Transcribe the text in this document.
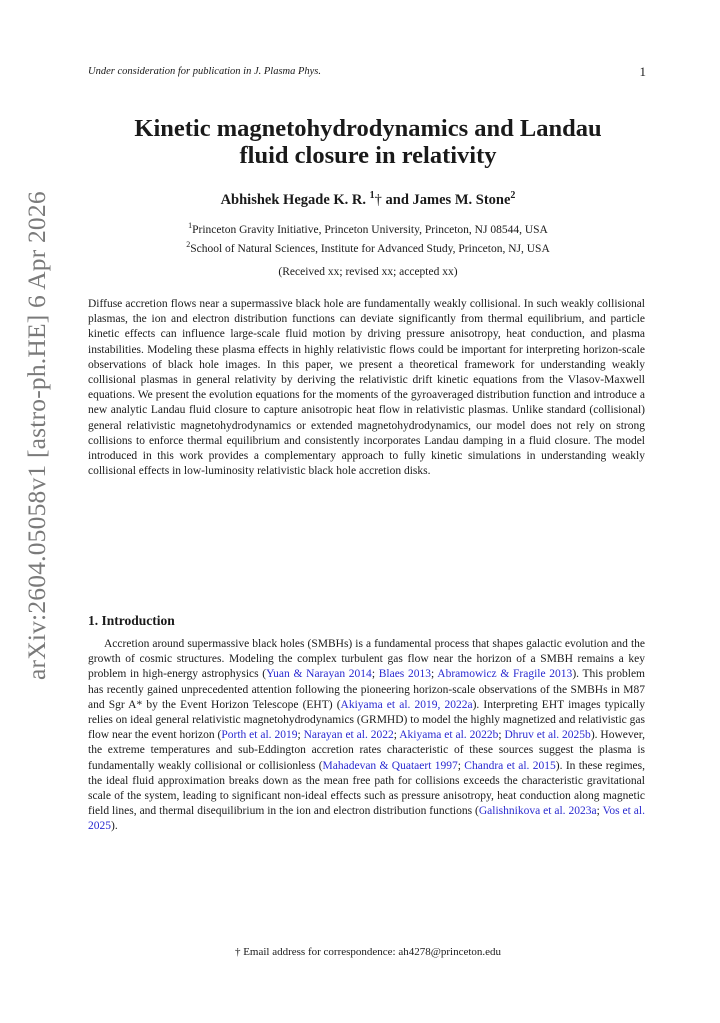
Under consideration for publication in J. Plasma Phys.	1
arXiv:2604.05058v1 [astro-ph.HE] 6 Apr 2026
Kinetic magnetohydrodynamics and Landau
fluid closure in relativity
Abhishek Hegade K. R. $^1$† and James M. Stone$^2$
$^1$Princeton Gravity Initiative, Princeton University, Princeton, NJ 08544, USA
$^2$School of Natural Sciences, Institute for Advanced Study, Princeton, NJ, USA
(Received xx; revised xx; accepted xx)

Diffuse accretion flows near a supermassive black hole are fundamentally weakly collisional. In such weakly collisional plasmas, the ion and electron distribution functions can deviate significantly from thermal equilibrium, and particle kinetic effects can influence large-scale fluid motion by driving pressure anisotropy, heat conduction, and plasma instabilities. Modeling these plasma effects in highly relativistic flows could be important for interpreting horizon-scale observations of black hole images. In this paper, we present a theoretical framework for understanding weakly collisional plasmas in general relativity by deriving the relativistic drift kinetic equations from the Vlasov-Maxwell equations. We present the evolution equations for the moments of the gyroaveraged distribution function and introduce a new analytic Landau fluid closure to capture anisotropic heat flow in relativistic plasmas. Unlike standard (collisional) general relativistic magnetohydrodynamics or extended magnetohydrodynamics, our model does not rely on strong collisions to enforce thermal equilibrium and consistently incorporates Landau damping in a fluid closure. The model introduced in this work provides a complementary approach to fully kinetic simulations in understanding weakly collisional effects in low-luminosity relativistic black hole accretion disks.

1. Introduction

Accretion around supermassive black holes (SMBHs) is a fundamental process that shapes galactic evolution and the growth of cosmic structures. Modeling the complex turbulent gas flow near the horizon of a SMBH remains a key problem in high-energy astrophysics (Yuan & Narayan 2014; Blaes 2013; Abramowicz & Fragile 2013). This problem has recently gained unprecedented attention following the pioneering horizon-scale observations of the SMBHs in M87 and Sgr A* by the Event Horizon Telescope (EHT) (Akiyama et al. 2019, 2022a). Interpreting EHT images typically relies on ideal general relativistic magnetohydrodynamics (GRMHD) to model the highly magnetized and relativistic gas flow near the event horizon (Porth et al. 2019; Narayan et al. 2022; Akiyama et al. 2022b; Dhruv et al. 2025b). However, the extreme temperatures and sub-Eddington accretion rates characteristic of these sources suggest the plasma is fundamentally weakly collisional or collisionless (Mahadevan & Quataert 1997; Chandra et al. 2015). In these regimes, the ideal fluid approximation breaks down as the mean free path for collisions exceeds the characteristic gravitational scale of the system, leading to significant non-ideal effects such as pressure anisotropy, heat conduction along magnetic field lines, and thermal disequilibrium in the ion and electron distribution functions (Galishnikova et al. 2023a; Vos et al. 2025).

† Email address for correspondence: ah4278@princeton.edu
